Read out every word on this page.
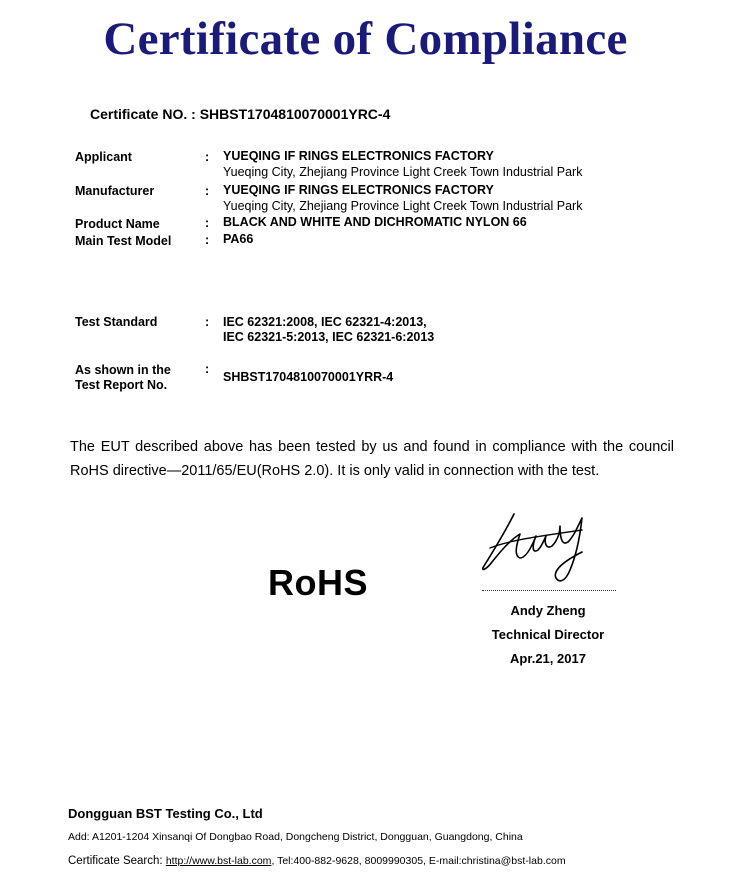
Certificate of Compliance
Certificate NO. : SHBST1704810070001YRC-4
Applicant	: YUEQING IF RINGS ELECTRONICS FACTORY
Yueqing City, Zhejiang Province Light Creek Town Industrial Park
Manufacturer	: YUEQING IF RINGS ELECTRONICS FACTORY
Yueqing City, Zhejiang Province Light Creek Town Industrial Park
Product Name	: BLACK AND WHITE AND DICHROMATIC NYLON 66
Main Test Model	: PA66
Test Standard	: IEC 62321:2008, IEC 62321-4:2013,
IEC 62321-5:2013, IEC 62321-6:2013
As shown in the
Test Report No.
:
SHBST1704810070001YRR-4
The EUT described above has been tested by us and found in compliance with the council RoHS directive—2011/65/EU(RoHS 2.0). It is only valid in connection with the test.
RoHS
Andy Zheng
Technical Director
Apr.21, 2017
Dongguan BST Testing Co., Ltd
Add: A1201-1204 Xinsanqi Of Dongbao Road, Dongcheng District, Dongguan, Guangdong, China
Certificate Search: http://www.bst-lab.com, Tel:400-882-9628, 8009990305, E-mail:christina@bst-lab.com
